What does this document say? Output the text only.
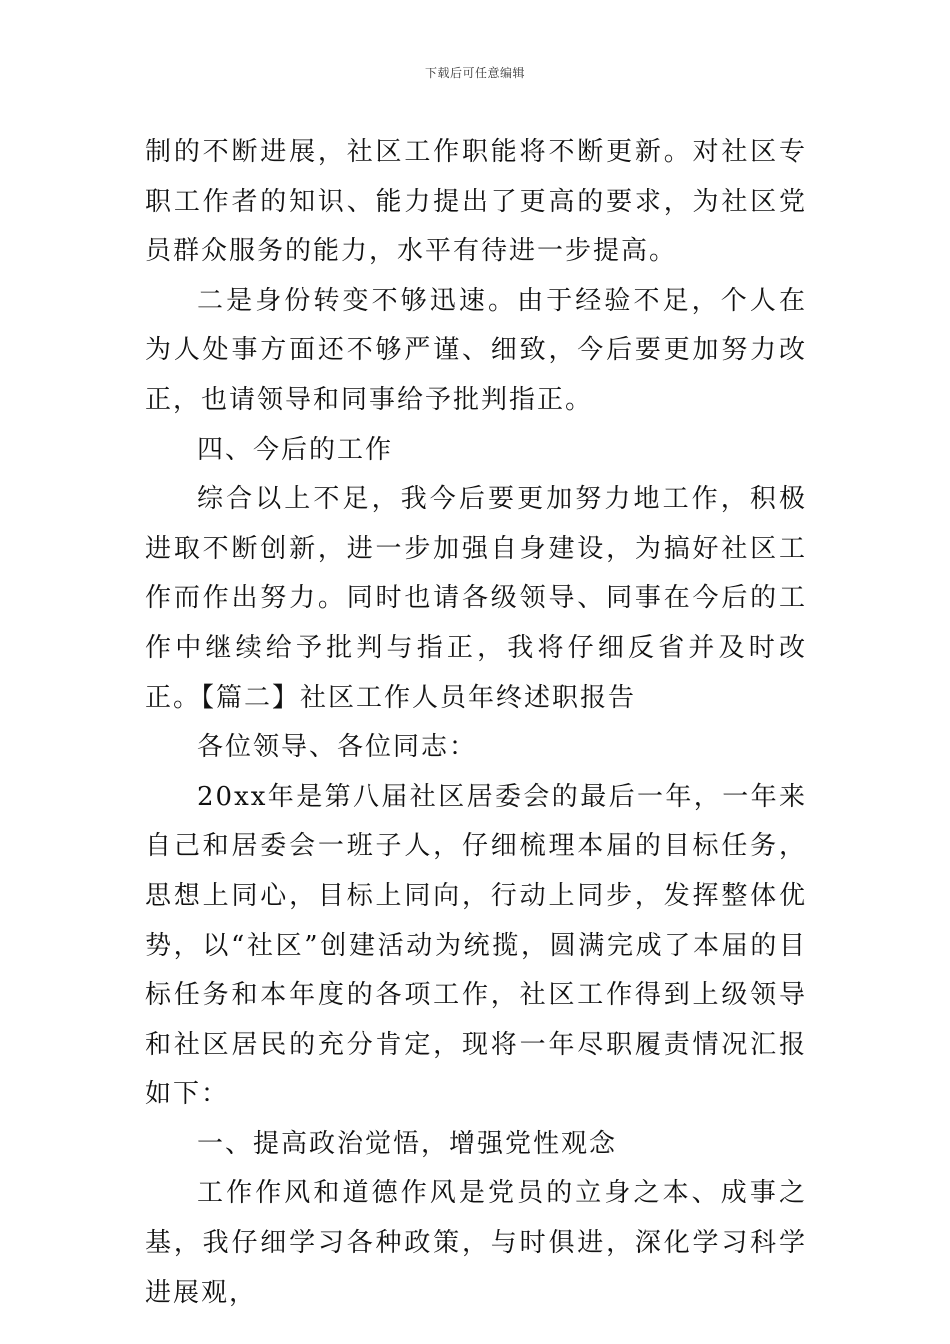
下载后可任意编辑

制的不断进展，社区工作职能将不断更新。对社区专职工作者的知识、能力提出了更高的要求，为社区党员群众服务的能力，水平有待进一步提高。

二是身份转变不够迅速。由于经验不足，个人在为人处事方面还不够严谨、细致，今后要更加努力改正，也请领导和同事给予批判指正。

四、今后的工作

综合以上不足，我今后要更加努力地工作，积极进取不断创新，进一步加强自身建设，为搞好社区工作而作出努力。同时也请各级领导、同事在今后的工作中继续给予批判与指正，我将仔细反省并及时改正。【篇二】社区工作人员年终述职报告

各位领导、各位同志：

20xx年是第八届社区居委会的最后一年，一年来自己和居委会一班子人，仔细梳理本届的目标任务，思想上同心，目标上同向，行动上同步，发挥整体优势，以“社区”创建活动为统揽，圆满完成了本届的目标任务和本年度的各项工作，社区工作得到上级领导和社区居民的充分肯定，现将一年尽职履责情况汇报如下：

一、提高政治觉悟，增强党性观念

工作作风和道德作风是党员的立身之本、成事之基，我仔细学习各种政策，与时俱进，深化学习科学进展观，
